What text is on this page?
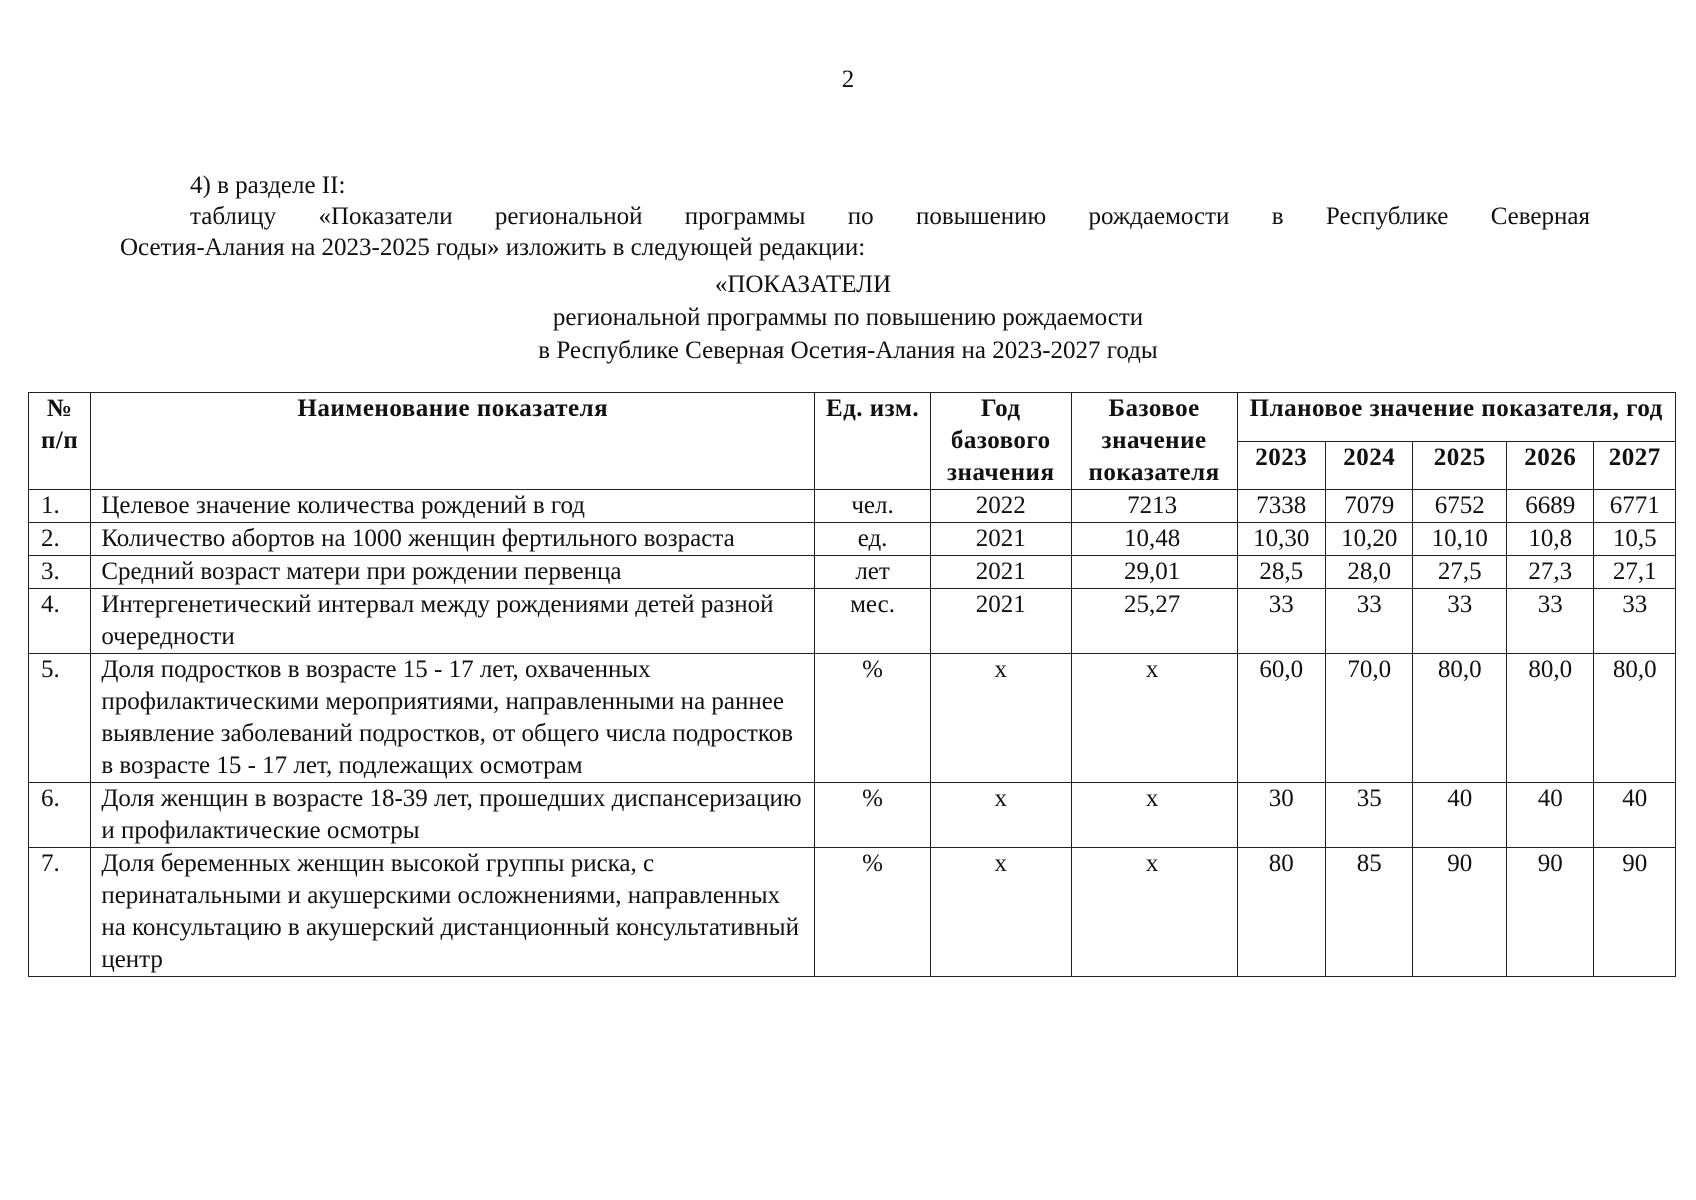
2
4) в разделе II:
таблицу «Показатели региональной программы по повышению рождаемости в Республике Северная
Осетия-Алания на 2023-2025 годы» изложить в следующей редакции:
«ПОКАЗАТЕЛИ
региональной программы по повышению рождаемости
в Республике Северная Осетия-Алания на 2023-2027 годы
№ п/п	Наименование показателя	Ед. изм.	Год базового значения	Базовое значение показателя	Плановое значение показателя, год				
					2023	2024	2025	2026	2027
1.	Целевое значение количества рождений в год	чел.	2022	7213	7338	7079	6752	6689	6771
2.	Количество абортов на 1000 женщин фертильного возраста	ед.	2021	10,48	10,30	10,20	10,10	10,8	10,5
3.	Средний возраст матери при рождении первенца	лет	2021	29,01	28,5	28,0	27,5	27,3	27,1
4.	Интергенетический интервал между рождениями детей разной очередности	мес.	2021	25,27	33	33	33	33	33
5.	Доля подростков в возрасте 15 - 17 лет, охваченных профилактическими мероприятиями, направленными на раннее выявление заболеваний подростков, от общего числа подростков в возрасте 15 - 17 лет, подлежащих осмотрам	%	x	x	60,0	70,0	80,0	80,0	80,0
6.	Доля женщин в возрасте 18-39 лет, прошедших диспансеризацию и профилактические осмотры	%	x	x	30	35	40	40	40
7.	Доля беременных женщин высокой группы риска, с перинатальными и акушерскими осложнениями, направленных на консультацию в акушерский дистанционный консультативный центр	%	x	x	80	85	90	90	90
